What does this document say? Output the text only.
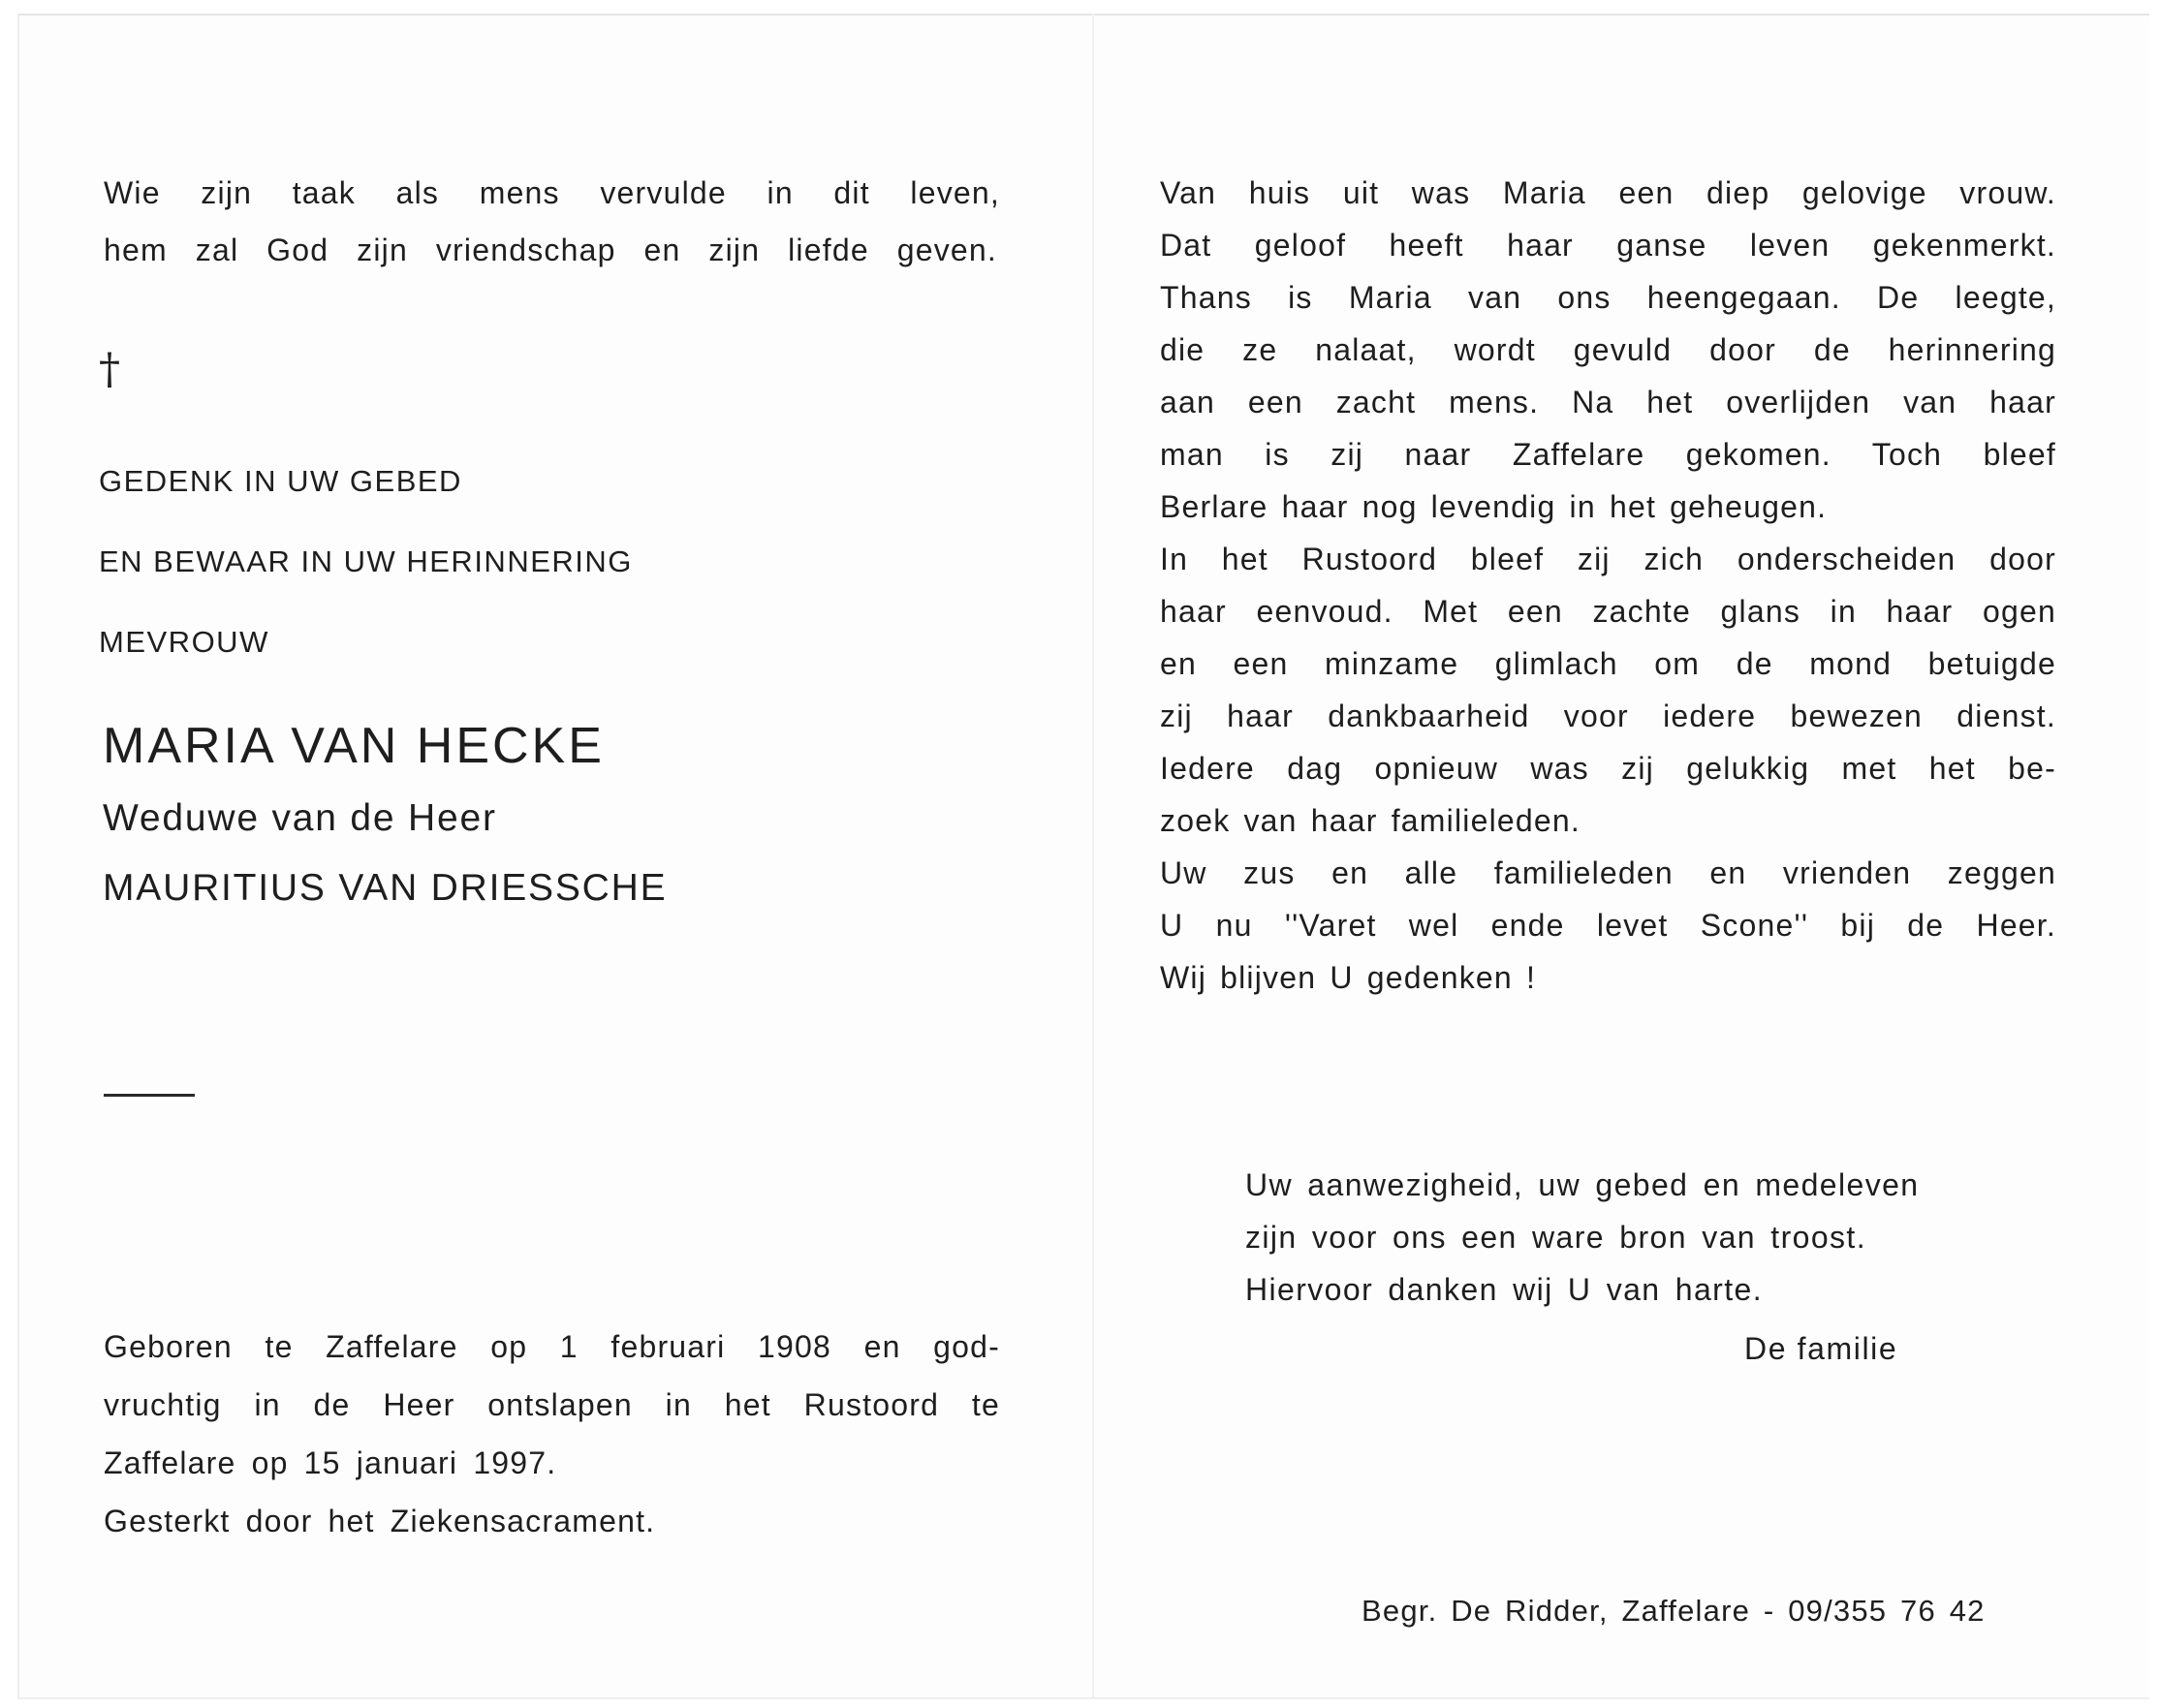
Wie zijn taak als mens vervulde in dit leven,
hem zal God zijn vriendschap en zijn liefde geven.
†
GEDENK IN UW GEBED
EN BEWAAR IN UW HERINNERING
MEVROUW
MARIA VAN HECKE
Weduwe van de Heer
MAURITIUS VAN DRIESSCHE
Geboren te Zaffelare op 1 februari 1908 en god-
vruchtig in de Heer ontslapen in het Rustoord te
Zaffelare op 15 januari 1997.
Gesterkt door het Ziekensacrament.
Van huis uit was Maria een diep gelovige vrouw.
Dat geloof heeft haar ganse leven gekenmerkt.
Thans is Maria van ons heengegaan. De leegte,
die ze nalaat, wordt gevuld door de herinnering
aan een zacht mens. Na het overlijden van haar
man is zij naar Zaffelare gekomen. Toch bleef
Berlare haar nog levendig in het geheugen.
In het Rustoord bleef zij zich onderscheiden door
haar eenvoud. Met een zachte glans in haar ogen
en een minzame glimlach om de mond betuigde
zij haar dankbaarheid voor iedere bewezen dienst.
Iedere dag opnieuw was zij gelukkig met het be-
zoek van haar familieleden.
Uw zus en alle familieleden en vrienden zeggen
U nu ''Varet wel ende levet Scone'' bij de Heer.
Wij blijven U gedenken !
Uw aanwezigheid, uw gebed en medeleven
zijn voor ons een ware bron van troost.
Hiervoor danken wij U van harte.
De familie
Begr. De Ridder, Zaffelare - 09/355 76 42
